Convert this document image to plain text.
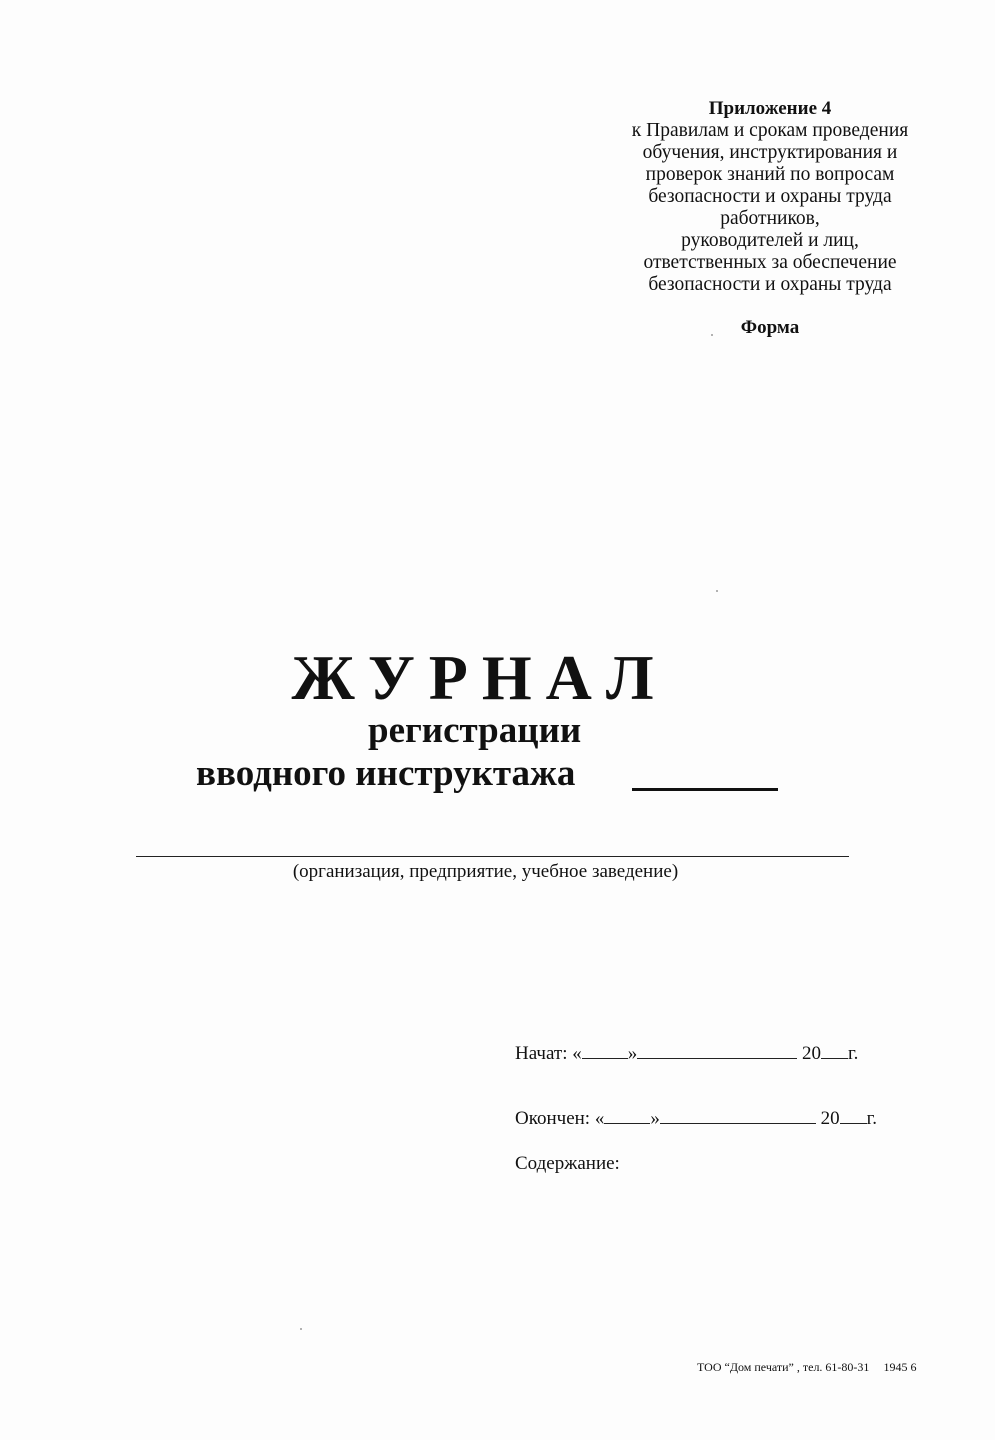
Приложение 4
к Правилам и срокам проведения
обучения, инструктирования и
проверок знаний по вопросам
безопасности и охраны труда
работников,
руководителей и лиц,
ответственных за обеспечение
безопасности и охраны труда
Форма
ЖУРНАЛ
регистрации
вводного инструктажа
(организация, предприятие, учебное заведение)
Начат: « »	20 г.
Окончен: « »	20 г.
Содержание:
ТОО “Дом печати” , тел. 61-80-31 1945 6
